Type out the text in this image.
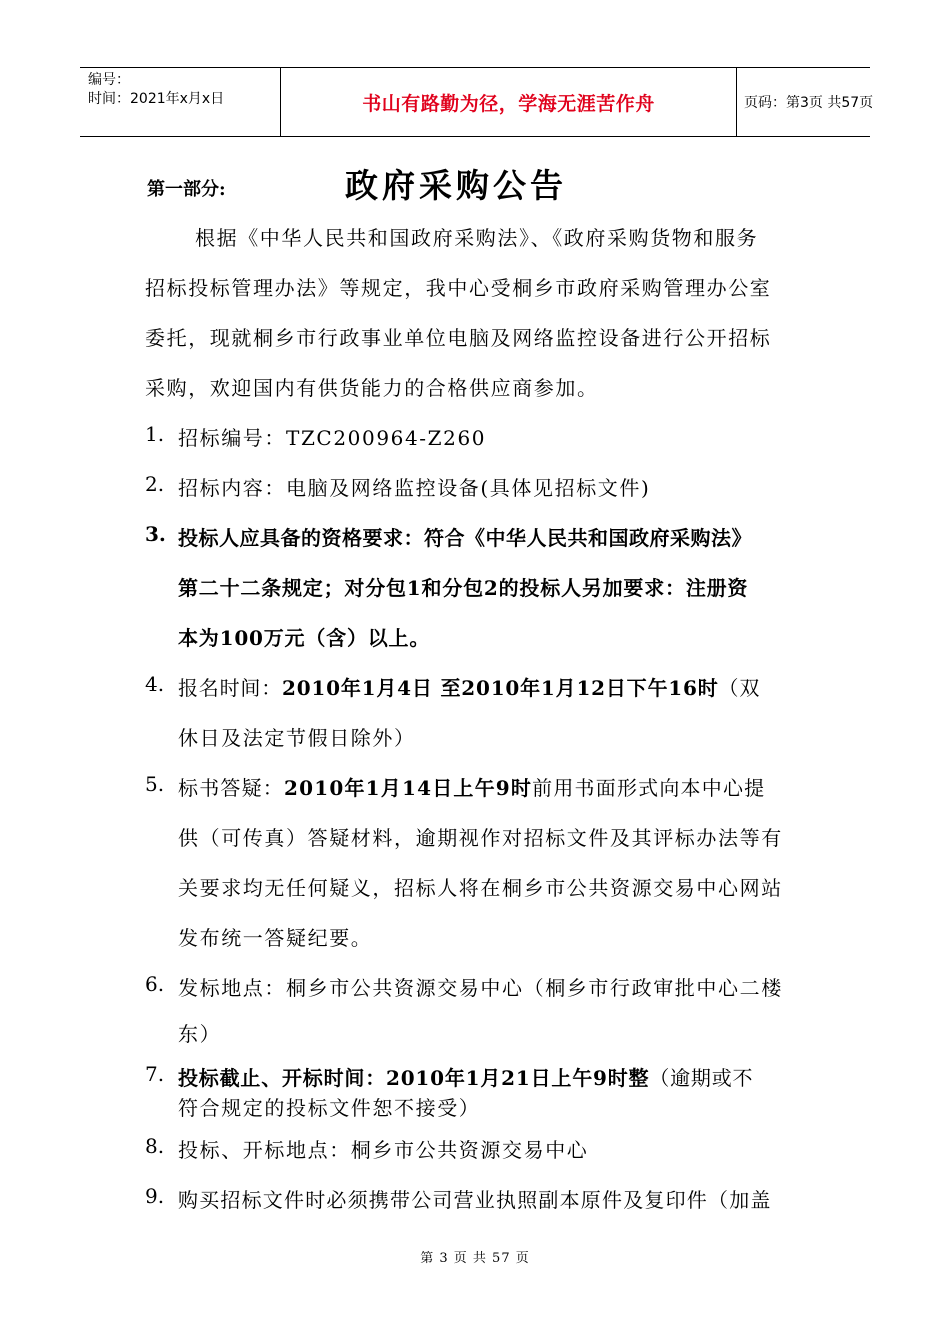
编号：
时间：2021年x月x日	书山有路勤为径，学海无涯苦作舟	页码：第3页 共57页
第一部分:	政府采购公告
根据《中华人民共和国政府采购法》、《政府采购货物和服务
招标投标管理办法》等规定，我中心受桐乡市政府采购管理办公室
委托，现就桐乡市行政事业单位电脑及网络监控设备进行公开招标
采购，欢迎国内有供货能力的合格供应商参加。
1. 招标编号：TZC200964-Z260
2. 招标内容：电脑及网络监控设备(具体见招标文件)
3. 投标人应具备的资格要求：符合《中华人民共和国政府采购法》
第二十二条规定；对分包1和分包2的投标人另加要求：注册资
本为100万元（含）以上。
4. 报名时间：2010年1月4日 至2010年1月12日下午16时（双
休日及法定节假日除外）
5. 标书答疑：2010年1月14日上午9时前用书面形式向本中心提
供（可传真）答疑材料，逾期视作对招标文件及其评标办法等有
关要求均无任何疑义，招标人将在桐乡市公共资源交易中心网站
发布统一答疑纪要。
6. 发标地点：桐乡市公共资源交易中心（桐乡市行政审批中心二楼
东）
7. 投标截止、开标时间：2010年1月21日上午9时整（逾期或不
符合规定的投标文件恕不接受）
8. 投标、开标地点：桐乡市公共资源交易中心
9. 购买招标文件时必须携带公司营业执照副本原件及复印件（加盖
第 3 页 共 57 页
